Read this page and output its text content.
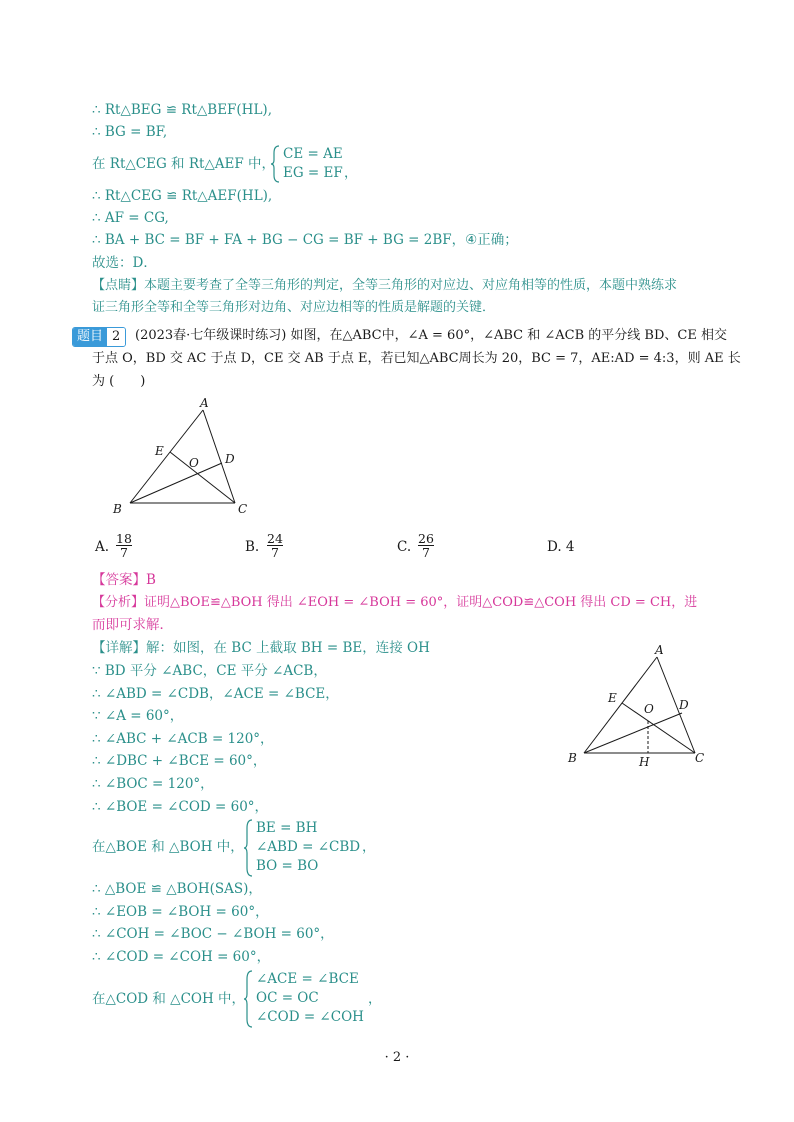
∴ Rt△BEG ≌ Rt△BEF(HL),
∴ BG = BF,
在 Rt△CEG 和 Rt△AEF 中，
CE = AE
EG = EF ，
∴ Rt△CEG ≌ Rt△AEF(HL),
∴ AF = CG,
∴ BA + BC = BF + FA + BG − CG = BF + BG = 2BF，④正确；
故选：D．
【点睛】本题主要考查了全等三角形的判定，全等三角形的对应边、对应角相等的性质，本题中熟练求
证三角形全等和全等三角形对边角、对应边相等的性质是解题的关键．
题目 2	(2023春·七年级课时练习) 如图，在△ABC中，∠A = 60°，∠ABC 和 ∠ACB 的平分线 BD、CE 相交
于点 O，BD 交 AC 于点 D，CE 交 AB 于点 E，若已知△ABC周长为 20，BC = 7，AE:AD = 4:3，则 AE 长
为 (　　)
A
E
O D
B	C
A.
18
7	B.
24
7	C.
26
7	D. 4
【答案】B
【分析】证明△BOE≌△BOH 得出 ∠EOH = ∠BOH = 60°，证明△COD≌△COH 得出 CD = CH，进
而即可求解．
【详解】解：如图，在 BC 上截取 BH = BE，连接 OH
∵ BD 平分 ∠ABC，CE 平分 ∠ACB，
∴ ∠ABD = ∠CDB，∠ACE = ∠BCE，
∵ ∠A = 60°，
∴ ∠ABC + ∠ACB = 120°，
∴ ∠DBC + ∠BCE = 60°，
∴ ∠BOC = 120°，
∴ ∠BOE = ∠COD = 60°，
在△BOE 和 △BOH 中，
BE = BH
∠ABD = ∠CBD
BO = BO
，
∴ △BOE ≌ △BOH(SAS)，
∴ ∠EOB = ∠BOH = 60°，
∴ ∠COH = ∠BOC − ∠BOH = 60°，
∴ ∠COD = ∠COH = 60°，
在△COD 和 △COH 中，
∠ACE = ∠BCE
OC = OC
∠COD = ∠COH
，
A
E
O D
B	H	C
· 2 ·
